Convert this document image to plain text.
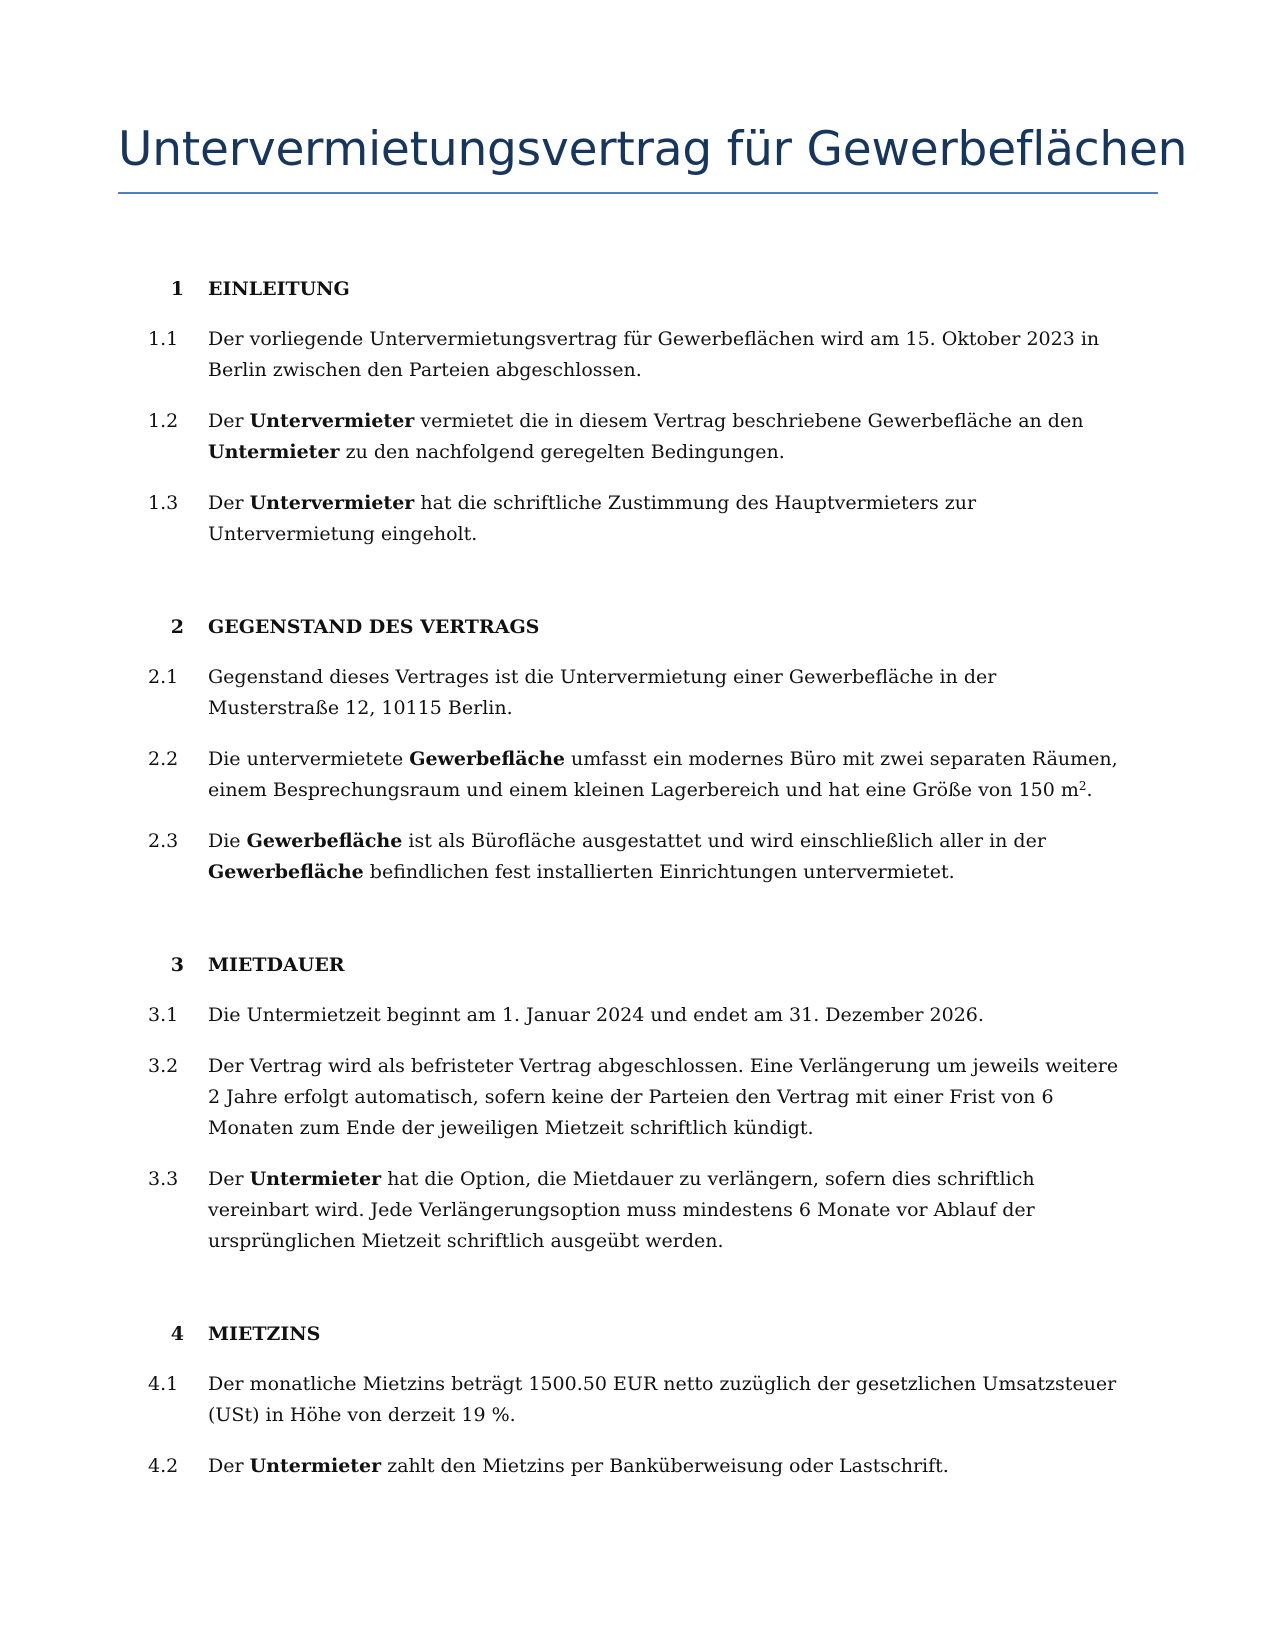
Untervermietungsvertrag für Gewerbeflächen
1 EINLEITUNG
1.1	Der vorliegende Untervermietungsvertrag für Gewerbeflächen wird am 15. Oktober 2023 in Berlin zwischen den Parteien abgeschlossen.
1.2	Der Untervermieter vermietet die in diesem Vertrag beschriebene Gewerbefläche an den Untermieter zu den nachfolgend geregelten Bedingungen.
1.3	Der Untervermieter hat die schriftliche Zustimmung des Hauptvermieters zur Untervermietung eingeholt.
2 GEGENSTAND DES VERTRAGS
2.1	Gegenstand dieses Vertrages ist die Untervermietung einer Gewerbefläche in der Musterstraße 12, 10115 Berlin.
2.2	Die untervermietete Gewerbefläche umfasst ein modernes Büro mit zwei separaten Räumen, einem Besprechungsraum und einem kleinen Lagerbereich und hat eine Größe von 150 $m^2$.
2.3	Die Gewerbefläche ist als Bürofläche ausgestattet und wird einschließlich aller in der Gewerbefläche befindlichen fest installierten Einrichtungen untervermietet.
3 MIETDAUER
3.1	Die Untermietzeit beginnt am 1. Januar 2024 und endet am 31. Dezember 2026.
3.2	Der Vertrag wird als befristeter Vertrag abgeschlossen. Eine Verlängerung um jeweils weitere 2 Jahre erfolgt automatisch, sofern keine der Parteien den Vertrag mit einer Frist von 6 Monaten zum Ende der jeweiligen Mietzeit schriftlich kündigt.
3.3	Der Untermieter hat die Option, die Mietdauer zu verlängern, sofern dies schriftlich vereinbart wird. Jede Verlängerungsoption muss mindestens 6 Monate vor Ablauf der ursprünglichen Mietzeit schriftlich ausgeübt werden.
4 MIETZINS
4.1	Der monatliche Mietzins beträgt 1500.50 EUR netto zuzüglich der gesetzlichen Umsatzsteuer (USt) in Höhe von derzeit 19 %.
4.2	Der Untermieter zahlt den Mietzins per Banküberweisung oder Lastschrift.
